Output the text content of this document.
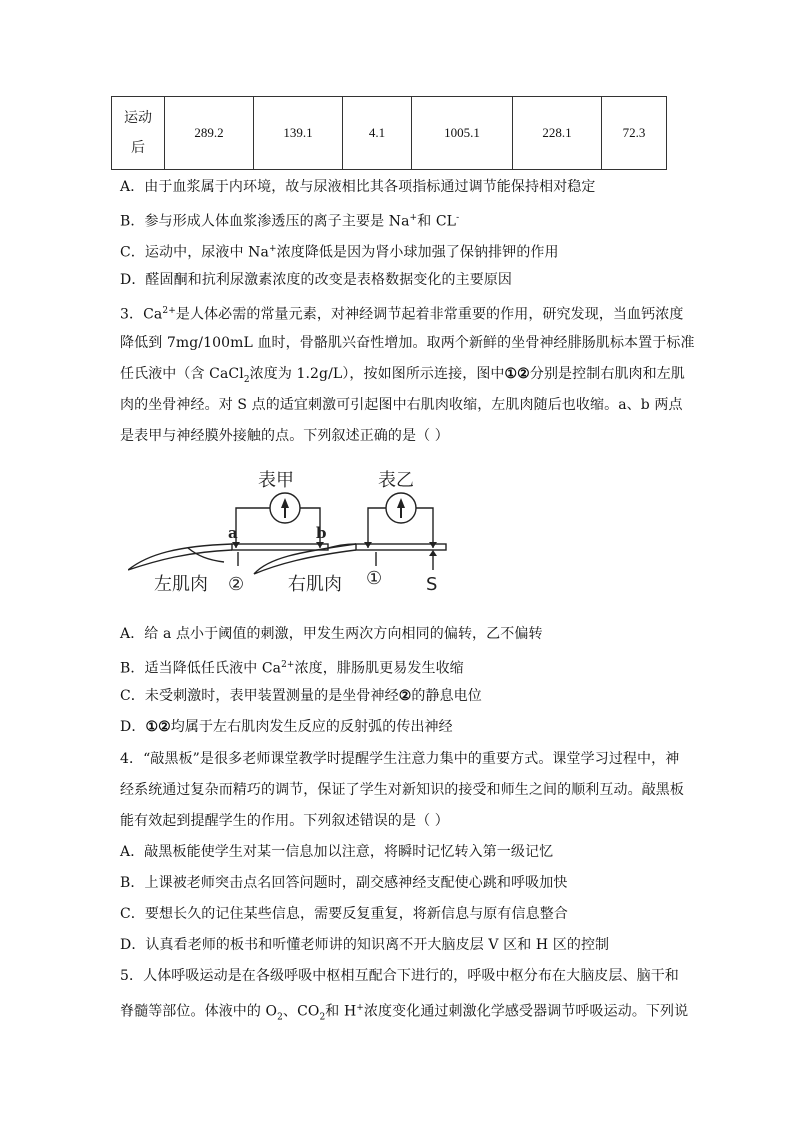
运动
后	289.2	139.1	4.1	1005.1	228.1	72.3
A．由于血浆属于内环境，故与尿液相比其各项指标通过调节能保持相对稳定
B．参与形成人体血浆渗透压的离子主要是 Na+和 CL-
C．运动中，尿液中 Na+浓度降低是因为肾小球加强了保钠排钾的作用
D．醛固酮和抗利尿激素浓度的改变是表格数据变化的主要原因
3．$Ca^{2+}$是人体必需的常量元素，对神经调节起着非常重要的作用，研究发现，当血钙浓度
降低到 7mg/100mL 血时，骨骼肌兴奋性增加。取两个新鲜的坐骨神经腓肠肌标本置于标准
任氏液中（含 CaCl$_2$浓度为 1.2g/L），按如图所示连接，图中①②分别是控制右肌肉和左肌
肉的坐骨神经。对 S 点的适宜刺激可引起图中右肌肉收缩，左肌肉随后也收缩。a、b 两点
是表甲与神经膜外接触的点。下列叙述正确的是（ ）
表甲	表乙
左肌肉	右肌肉
②	① S
a	b
A．给 a 点小于阈值的刺激，甲发生两次方向相同的偏转，乙不偏转
B．适当降低任氏液中 $Ca^{2+}$浓度，腓肠肌更易发生收缩
C．未受刺激时，表甲装置测量的是坐骨神经②的静息电位
D．①②均属于左右肌肉发生反应的反射弧的传出神经
4．“敲黑板”是很多老师课堂教学时提醒学生注意力集中的重要方式。课堂学习过程中，神
经系统通过复杂而精巧的调节，保证了学生对新知识的接受和师生之间的顺利互动。敲黑板
能有效起到提醒学生的作用。下列叙述错误的是（ ）
A．敲黑板能使学生对某一信息加以注意，将瞬时记忆转入第一级记忆
B．上课被老师突击点名回答问题时，副交感神经支配使心跳和呼吸加快
C．要想长久的记住某些信息，需要反复重复，将新信息与原有信息整合
D．认真看老师的板书和听懂老师讲的知识离不开大脑皮层 V 区和 H 区的控制
5．人体呼吸运动是在各级呼吸中枢相互配合下进行的，呼吸中枢分布在大脑皮层、脑干和
脊髓等部位。体液中的 $O_2$、$CO_2$和 H+浓度变化通过刺激化学感受器调节呼吸运动。下列说
